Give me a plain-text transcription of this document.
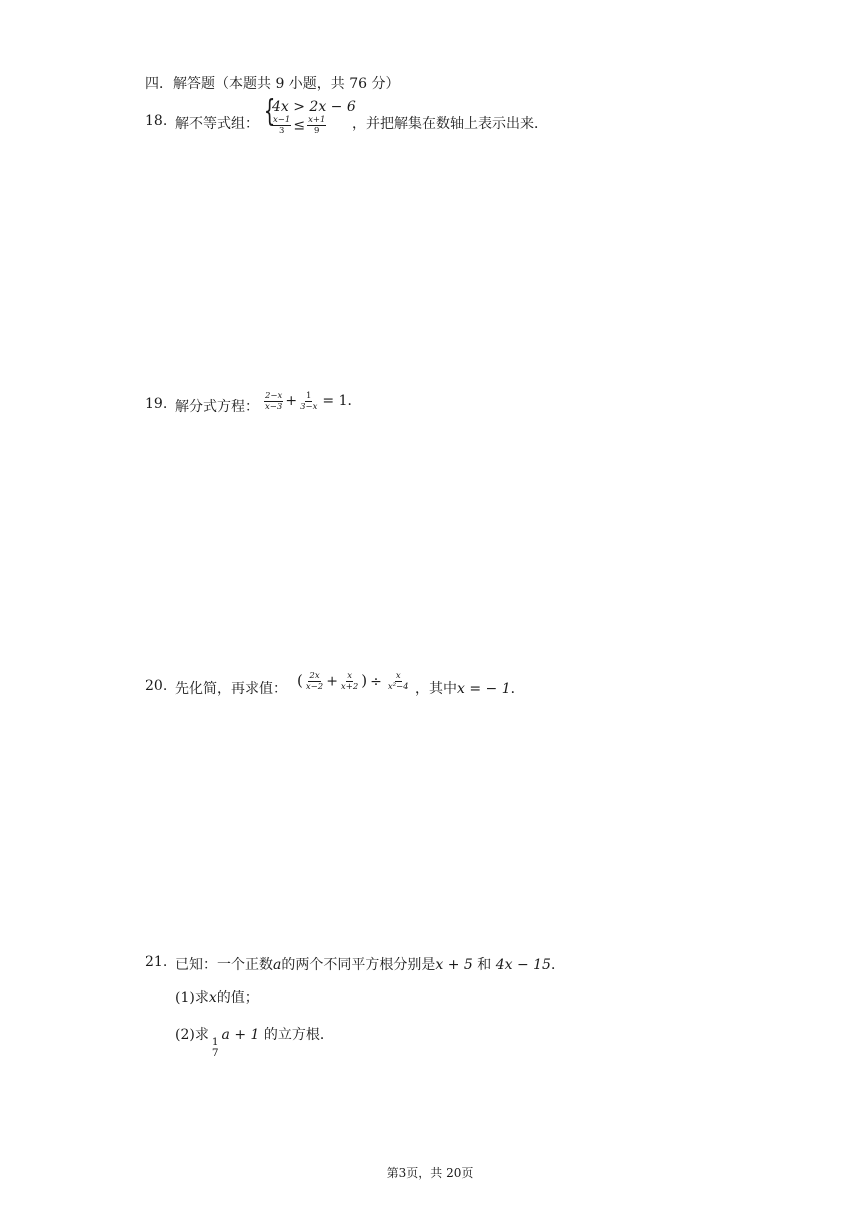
四．解答题（本题共 9 小题，共 76 分）
18. 解不等式组： {
4x > 2x − 6
$\frac{x-1}{3} \le \frac{x+1}{9}$ ，并把解集在数轴上表示出来．
19. 解分式方程： $\frac{2-x}{x-3} + \frac{1}{3-x} = 1$．
20. 先化简，再求值： ( $\frac{2x}{x-2} + \frac{x}{x+2}$ ) ÷ $\frac{x}{\text{x²−4}}$ ，其中x = − 1．
21. 已知：一个正数a的两个不同平方根分别是x + 5 和 4x − 15．
(1)求x的值；
(2)求 1
7
a + 1 的立方根．
第3页，共 20页
